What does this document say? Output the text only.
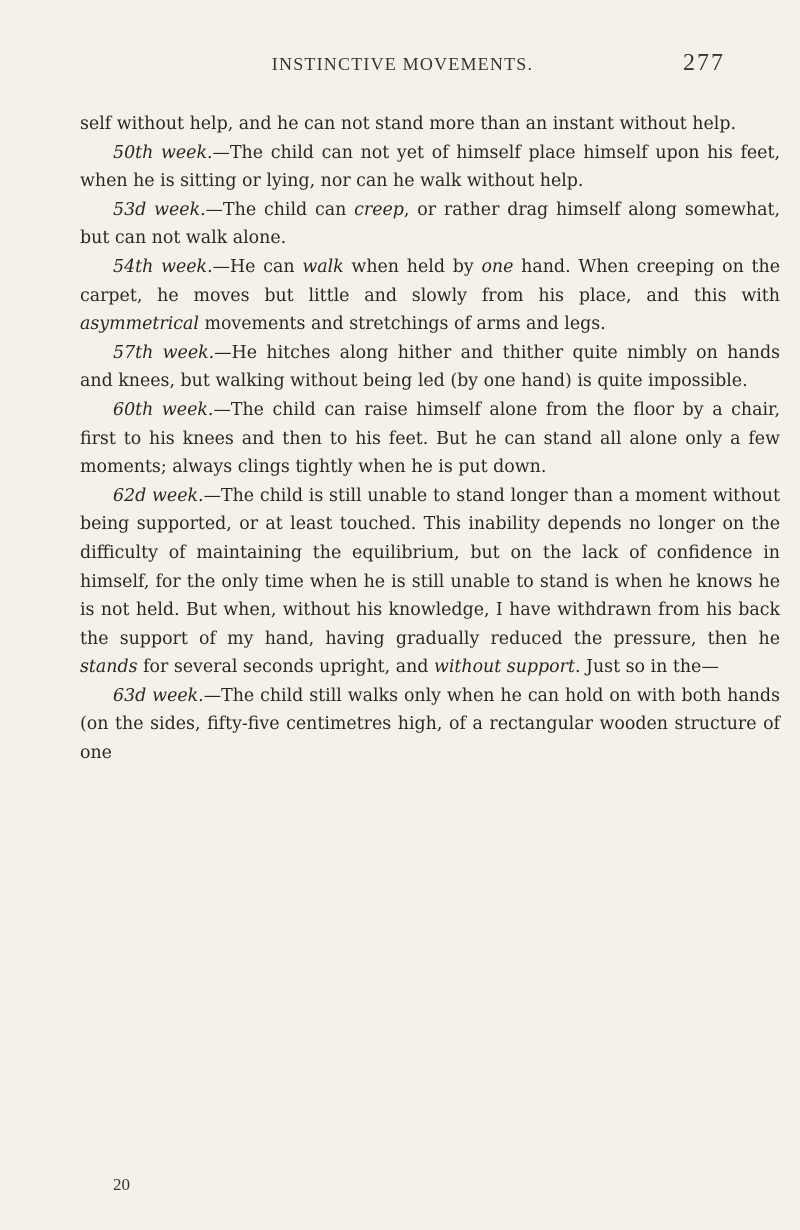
INSTINCTIVE MOVEMENTS.	277

self without help, and he can not stand more than an instant without help.

50th week.—The child can not yet of himself place himself upon his feet, when he is sitting or lying, nor can he walk without help.

53d week.—The child can creep, or rather drag himself along somewhat, but can not walk alone.

54th week.—He can walk when held by one hand. When creeping on the carpet, he moves but little and slowly from his place, and this with asymmetrical movements and stretchings of arms and legs.

57th week.—He hitches along hither and thither quite nimbly on hands and knees, but walking without being led (by one hand) is quite impossible.

60th week.—The child can raise himself alone from the floor by a chair, first to his knees and then to his feet. But he can stand all alone only a few moments; always clings tightly when he is put down.

62d week.—The child is still unable to stand longer than a moment without being supported, or at least touched. This inability depends no longer on the difficulty of maintaining the equilibrium, but on the lack of confidence in himself, for the only time when he is still unable to stand is when he knows he is not held. But when, without his knowledge, I have withdrawn from his back the support of my hand, having gradually reduced the pressure, then he stands for several seconds upright, and without support. Just so in the—

63d week.—The child still walks only when he can hold on with both hands (on the sides, fifty-five centimetres high, of a rectangular wooden structure of one

20
